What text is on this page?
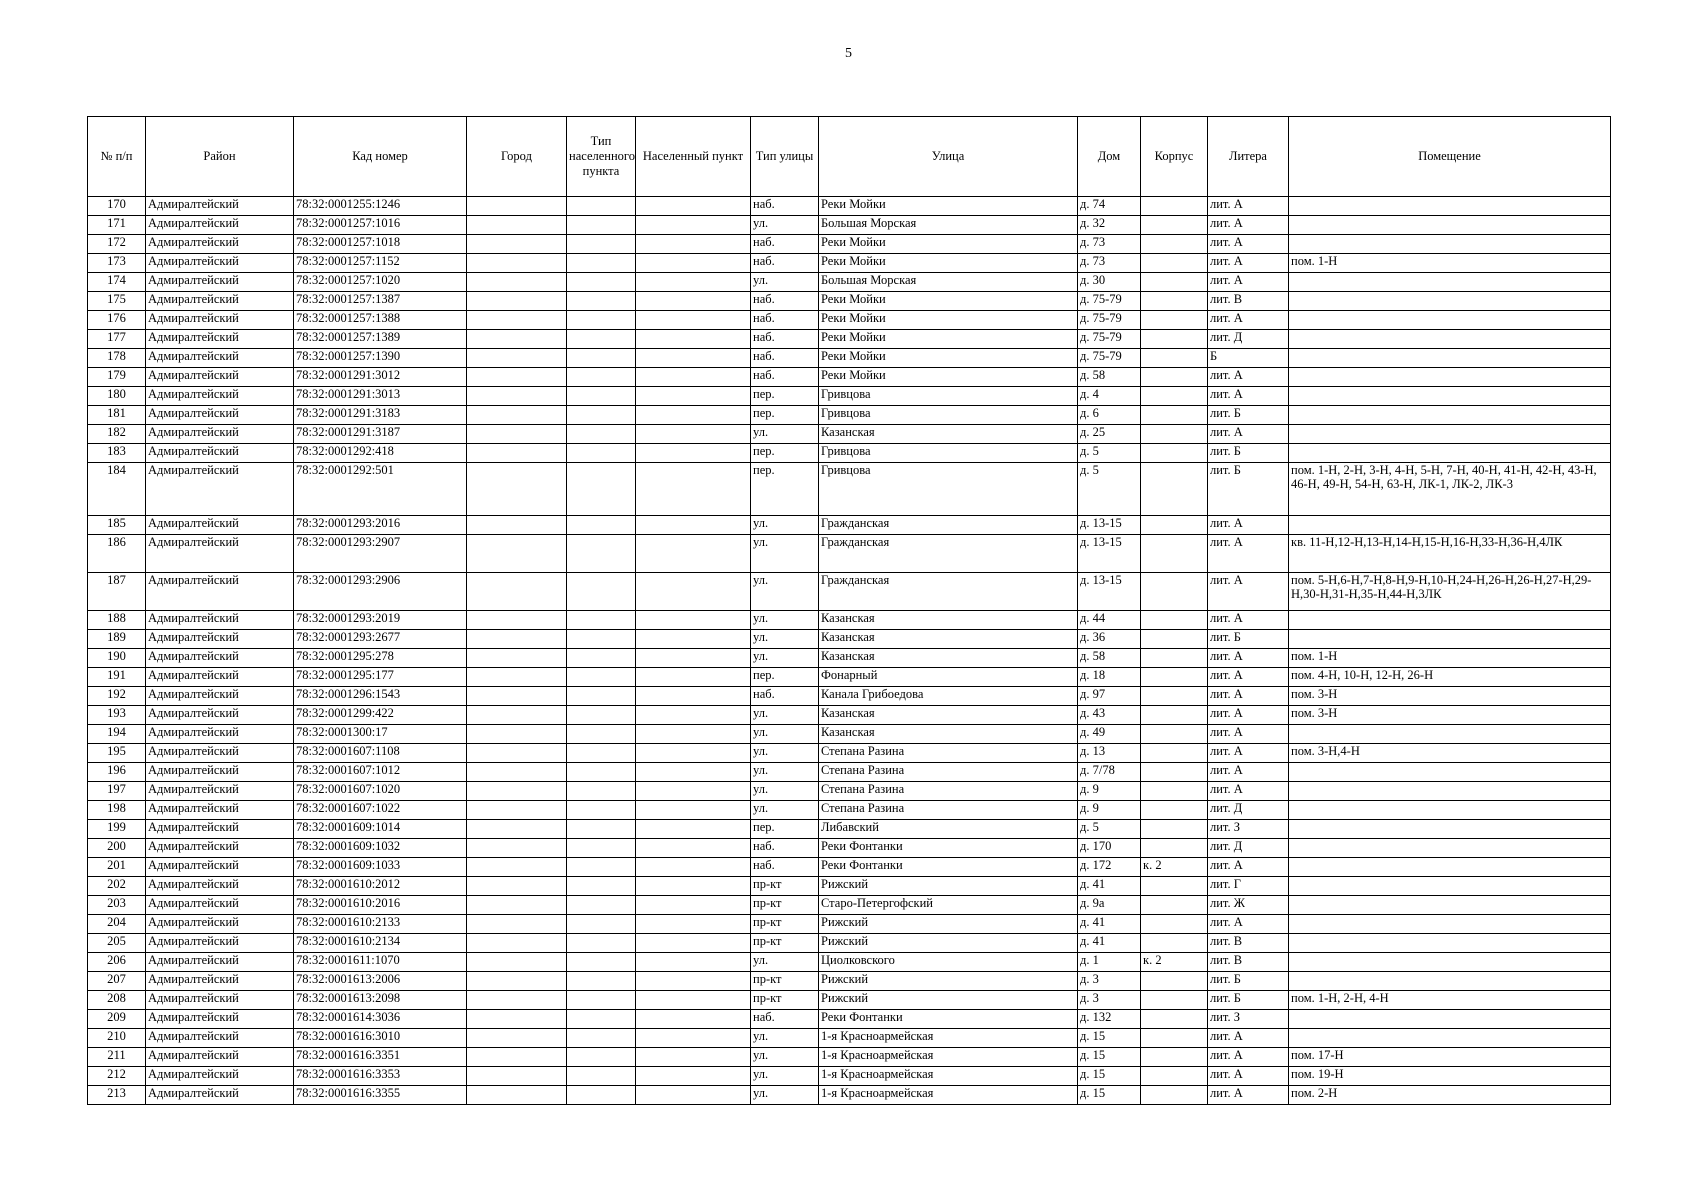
5
№ п/п	Район	Кад номер	Город	Тип населенного пункта	Населенный пункт	Тип улицы	Улица	Дом	Корпус	Литера	Помещение
170	Адмиралтейский	78:32:0001255:1246				наб.	Реки Мойки	д. 74		лит. А	
171	Адмиралтейский	78:32:0001257:1016				ул.	Большая Морская	д. 32		лит. А	
172	Адмиралтейский	78:32:0001257:1018				наб.	Реки Мойки	д. 73		лит. А	
173	Адмиралтейский	78:32:0001257:1152				наб.	Реки Мойки	д. 73		лит. А	пом. 1-Н
174	Адмиралтейский	78:32:0001257:1020				ул.	Большая Морская	д. 30		лит. А	
175	Адмиралтейский	78:32:0001257:1387				наб.	Реки Мойки	д. 75-79		лит. В	
176	Адмиралтейский	78:32:0001257:1388				наб.	Реки Мойки	д. 75-79		лит. А	
177	Адмиралтейский	78:32:0001257:1389				наб.	Реки Мойки	д. 75-79		лит. Д	
178	Адмиралтейский	78:32:0001257:1390				наб.	Реки Мойки	д. 75-79		Б	
179	Адмиралтейский	78:32:0001291:3012				наб.	Реки Мойки	д. 58		лит. А	
180	Адмиралтейский	78:32:0001291:3013				пер.	Гривцова	д. 4		лит. А	
181	Адмиралтейский	78:32:0001291:3183				пер.	Гривцова	д. 6		лит. Б	
182	Адмиралтейский	78:32:0001291:3187				ул.	Казанская	д. 25		лит. А	
183	Адмиралтейский	78:32:0001292:418				пер.	Гривцова	д. 5		лит. Б	
184	Адмиралтейский	78:32:0001292:501				пер.	Гривцова	д. 5		лит. Б	пом. 1-Н, 2-Н, 3-Н, 4-Н, 5-Н, 7-Н, 40-Н, 41-Н, 42-Н, 43-Н, 46-Н, 49-Н, 54-Н, 63-Н, ЛК-1, ЛК-2, ЛК-3
185	Адмиралтейский	78:32:0001293:2016				ул.	Гражданская	д. 13-15		лит. А	
186	Адмиралтейский	78:32:0001293:2907				ул.	Гражданская	д. 13-15		лит. А	кв. 11-Н,12-Н,13-Н,14-Н,15-Н,16-Н,33-Н,36-Н,4ЛК
187	Адмиралтейский	78:32:0001293:2906				ул.	Гражданская	д. 13-15		лит. А	пом. 5-Н,6-Н,7-Н,8-Н,9-Н,10-Н,24-Н,26-Н,26-Н,27-Н,29-Н,30-Н,31-Н,35-Н,44-Н,3ЛК
188	Адмиралтейский	78:32:0001293:2019				ул.	Казанская	д. 44		лит. А	
189	Адмиралтейский	78:32:0001293:2677				ул.	Казанская	д. 36		лит. Б	
190	Адмиралтейский	78:32:0001295:278				ул.	Казанская	д. 58		лит. А	пом. 1-Н
191	Адмиралтейский	78:32:0001295:177				пер.	Фонарный	д. 18		лит. А	пом. 4-Н, 10-Н, 12-Н, 26-Н
192	Адмиралтейский	78:32:0001296:1543				наб.	Канала Грибоедова	д. 97		лит. А	пом. 3-Н
193	Адмиралтейский	78:32:0001299:422				ул.	Казанская	д. 43		лит. А	пом. 3-Н
194	Адмиралтейский	78:32:0001300:17				ул.	Казанская	д. 49		лит. А	
195	Адмиралтейский	78:32:0001607:1108				ул.	Степана Разина	д. 13		лит. А	пом. 3-Н,4-Н
196	Адмиралтейский	78:32:0001607:1012				ул.	Степана Разина	д. 7/78		лит. А	
197	Адмиралтейский	78:32:0001607:1020				ул.	Степана Разина	д. 9		лит. А	
198	Адмиралтейский	78:32:0001607:1022				ул.	Степана Разина	д. 9		лит. Д	
199	Адмиралтейский	78:32:0001609:1014				пер.	Либавский	д. 5		лит. З	
200	Адмиралтейский	78:32:0001609:1032				наб.	Реки Фонтанки	д. 170		лит. Д	
201	Адмиралтейский	78:32:0001609:1033				наб.	Реки Фонтанки	д. 172	к. 2	лит. А	
202	Адмиралтейский	78:32:0001610:2012				пр-кт	Рижский	д. 41		лит. Г	
203	Адмиралтейский	78:32:0001610:2016				пр-кт	Старо-Петергофский	д. 9а		лит. Ж	
204	Адмиралтейский	78:32:0001610:2133				пр-кт	Рижский	д. 41		лит. А	
205	Адмиралтейский	78:32:0001610:2134				пр-кт	Рижский	д. 41		лит. В	
206	Адмиралтейский	78:32:0001611:1070				ул.	Циолковского	д. 1	к. 2	лит. В	
207	Адмиралтейский	78:32:0001613:2006				пр-кт	Рижский	д. 3		лит. Б	
208	Адмиралтейский	78:32:0001613:2098				пр-кт	Рижский	д. 3		лит. Б	пом. 1-Н, 2-Н, 4-Н
209	Адмиралтейский	78:32:0001614:3036				наб.	Реки Фонтанки	д. 132		лит. З	
210	Адмиралтейский	78:32:0001616:3010				ул.	1-я Красноармейская	д. 15		лит. А	
211	Адмиралтейский	78:32:0001616:3351				ул.	1-я Красноармейская	д. 15		лит. А	пом. 17-Н
212	Адмиралтейский	78:32:0001616:3353				ул.	1-я Красноармейская	д. 15		лит. А	пом. 19-Н
213	Адмиралтейский	78:32:0001616:3355				ул.	1-я Красноармейская	д. 15		лит. А	пом. 2-Н
